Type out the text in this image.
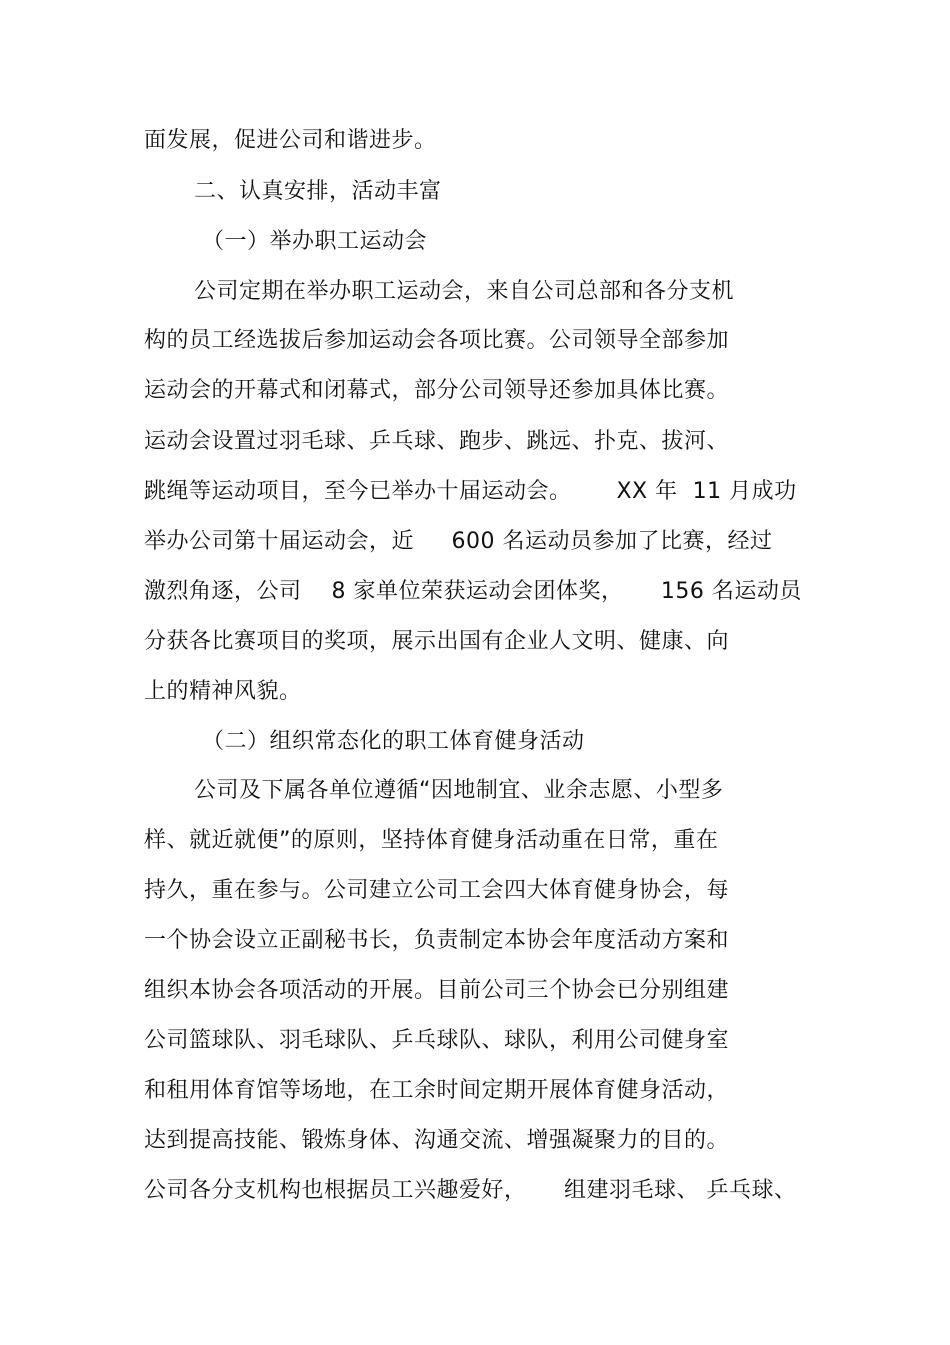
面发展，促进公司和谐进步。
二、认真安排，活动丰富
（一）举办职工运动会
公司定期在举办职工运动会，来自公司总部和各分支机
构的员工经选拔后参加运动会各项比赛。公司领导全部参加
运动会的开幕式和闭幕式，部分公司领导还参加具体比赛。
运动会设置过羽毛球、乒乓球、跑步、跳远、扑克、拔河、
跳绳等运动项目，至今已举办十届运动会。      XX 年  11 月成功
举办公司第十届运动会，近     600 名运动员参加了比赛，经过
激烈角逐，公司    8 家单位荣获运动会团体奖，     156 名运动员
分获各比赛项目的奖项，展示出国有企业人文明、健康、向
上的精神风貌。
（二）组织常态化的职工体育健身活动
公司及下属各单位遵循“因地制宜、业余志愿、小型多
样、就近就便”的原则，坚持体育健身活动重在日常，重在
持久，重在参与。公司建立公司工会四大体育健身协会，每
一个协会设立正副秘书长，负责制定本协会年度活动方案和
组织本协会各项活动的开展。目前公司三个协会已分别组建
公司篮球队、羽毛球队、乒乓球队、球队，利用公司健身室
和租用体育馆等场地，在工余时间定期开展体育健身活动，
达到提高技能、锻炼身体、沟通交流、增强凝聚力的目的。
公司各分支机构也根据员工兴趣爱好，     组建羽毛球、 乒乓球、
